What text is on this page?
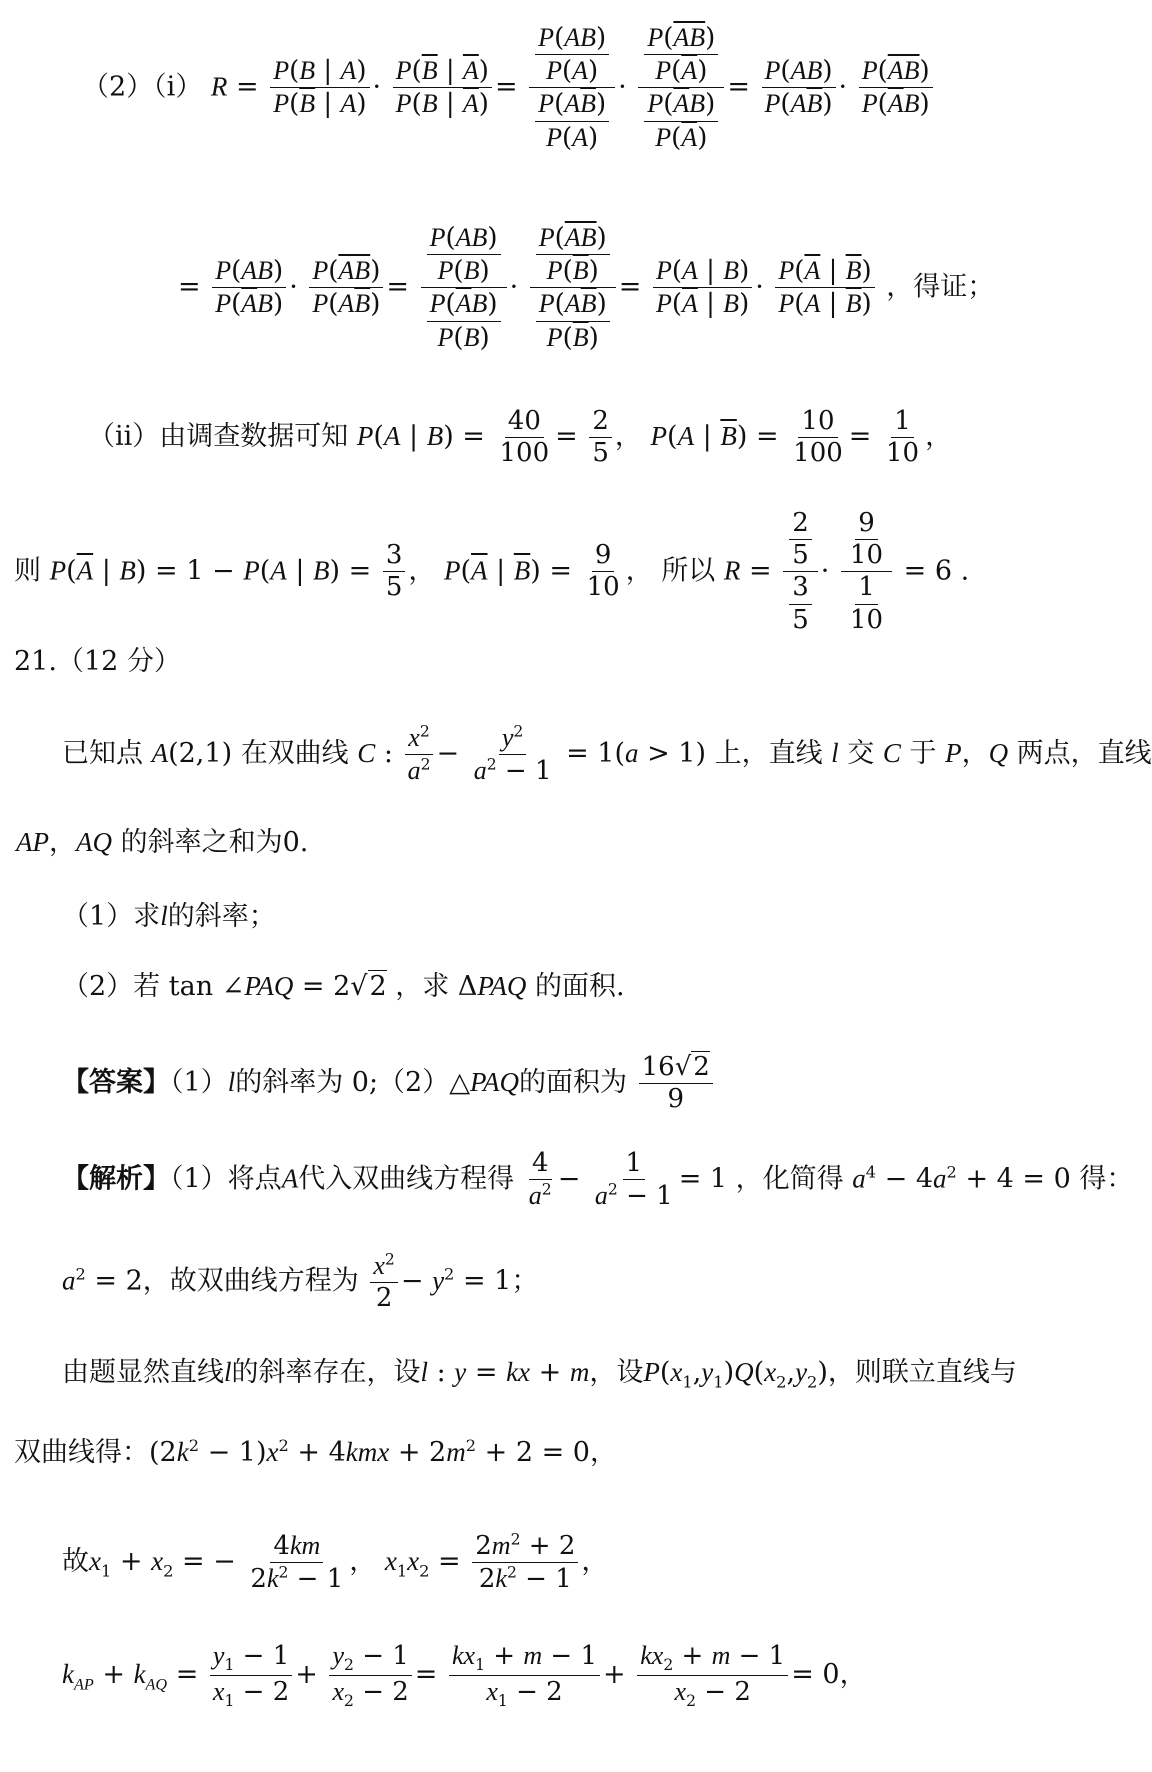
（2）（i） $R = \frac{P(B | A)}{P(\overline{B} | A)} \cdot \frac{P(\overline{B} | \overline{A})}{P(B | \overline{A})} = \frac{\frac{P(AB)}{P(A)}}{\frac{P(A\overline{B})}{P(A)}} \cdot \frac{\frac{P(\overline{AB})}{P(\overline{A})}}{\frac{P(\overline{A}B)}{P(\overline{A})}} = \frac{P(AB)}{P(A\overline{B})} \cdot \frac{P(\overline{AB})}{P(\overline{A}B)}$
= $\frac{P(AB)}{P(\overline{A}B)} \cdot \frac{P(\overline{AB})}{P(A\overline{B})} = \frac{\frac{P(AB)}{P(B)}}{\frac{P(\overline{A}B)}{P(B)}} \cdot \frac{\frac{P(\overline{AB})}{P(\overline{B})}}{\frac{P(A\overline{B})}{P(\overline{B})}} = \frac{P(A | B)}{P(\overline{A} | B)} \cdot \frac{P(\overline{A} | \overline{B})}{P(A | \overline{B})}$ ，得证；
（ii）由调查数据可知 P(A | $B) = \frac{40}{100} = \frac{2}{5}$ ， P(A | $\overline{B}) = \frac{10}{100} = \frac{1}{10}$ ，
则 $P(\overline{A}$ | B) = 1 − P(A | $B) = \frac{3}{5}$ ， $P(\overline{A}$ | $\overline{B}) = \frac{9}{10}$ ， 所以 $R = \frac{\frac{2}{5}}{\frac{3}{5}} \cdot \frac{\frac{9}{10}}{\frac{1}{10}} = 6$ .
21.（12 分）
已知点 A(2,1) 在双曲线 C : $\frac{x^2}{a^2} - \frac{y^2}{a^2 - 1} = 1(a > 1)$ 上，直线 l 交 C 于 P，Q 两点，直线
AP，AQ 的斜率之和为0.
（1）求l的斜率；
（2）若 tan ∠PAQ = 2√2 ，求 ΔPAQ 的面积.
【答案】（1）l的斜率为 0;（2）△PAQ的面积为 $\frac{16√2}{9}$
【解析】（1）将点A代入双曲线方程得 $\frac{4}{a^2} - \frac{1}{a^2 - 1} = 1$ ，化简得 $a^4 - 4a^2 + 4 = 0$ 得：
$a^2 = 2$，故双曲线方程为 $\frac{x^2}{2} - y^2 = 1$；
由题显然直线l的斜率存在，设l : y = kx + m，设$P(x_1,y_1)Q(x_2,y_2)$，则联立直线与
双曲线得：$(2k^2 - 1)x^2 + 4kmx + 2m^2 + 2 = 0$，
故$x_1 + x_2$ = − $\frac{4km}{2k^2 - 1}$ ， $x_1x_2 = \frac{2m^2 + 2}{2k^2 - 1}$ ，
$k_{AP} + k_{AQ} = \frac{y_1 - 1}{x_1 - 2} + \frac{y_2 - 1}{x_2 - 2} = \frac{kx_1 + m - 1}{x_1 - 2} + \frac{kx_2 + m - 1}{x_2 - 2} = 0$，
